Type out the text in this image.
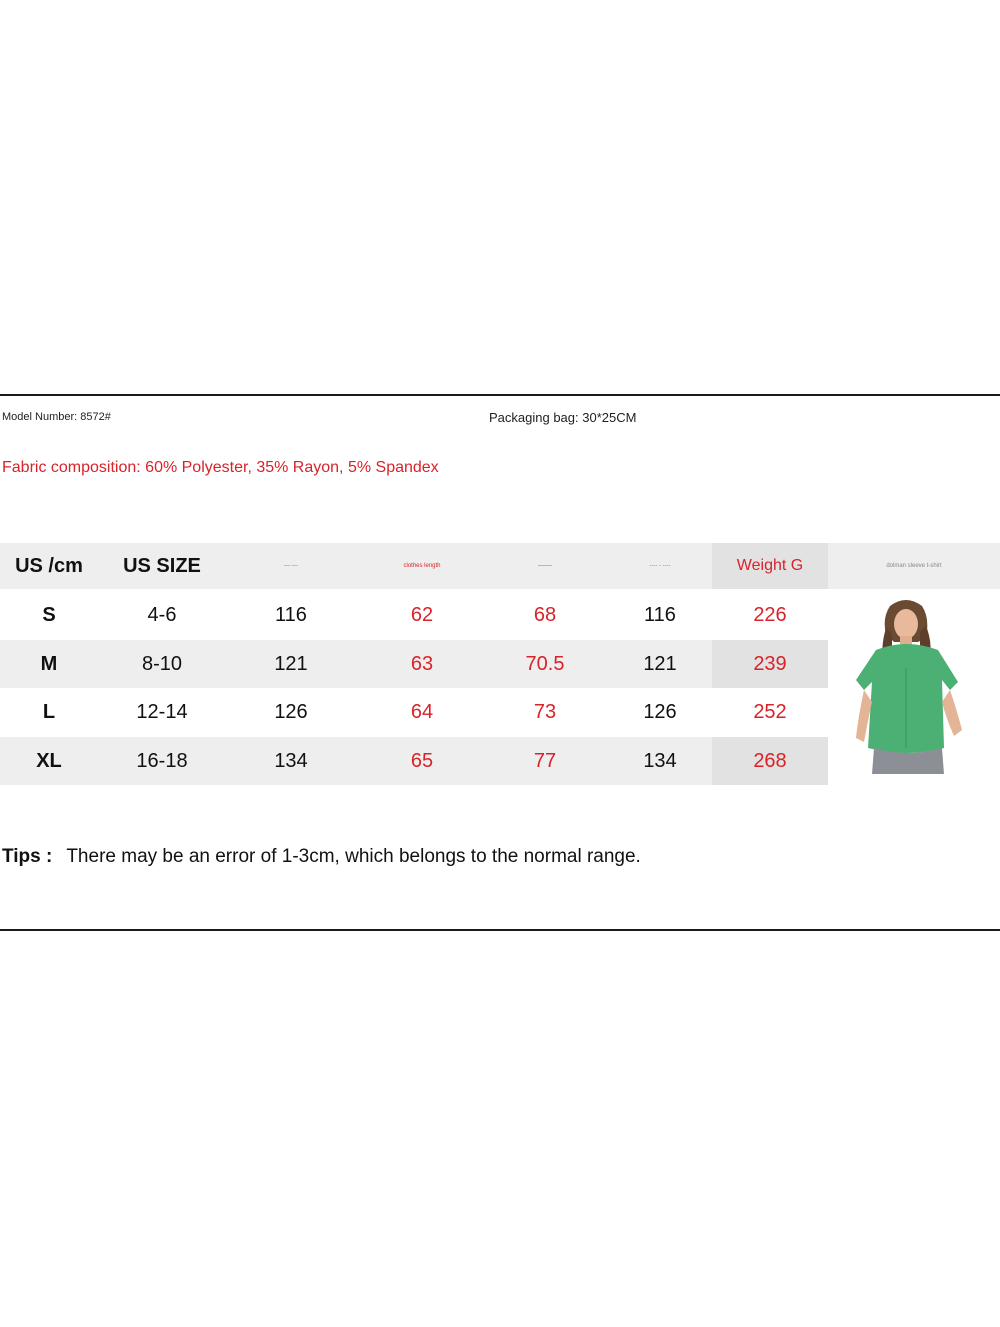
Model Number: 8572#	Packaging bag: 30*25CM
Fabric composition: 60% Polyester, 35% Rayon, 5% Spandex
US /cm	US SIZE	—·—	clothes length	-------	---- - ----	Weight G	dolman sleeve t-shirt
S	4-6	116	62	68	116	226
M	8-10	121	63	70.5	121	239
L	12-14	126	64	73	126	252
XL	16-18	134	65	77	134	268
Tips : There may be an error of 1-3cm, which belongs to the normal range.
